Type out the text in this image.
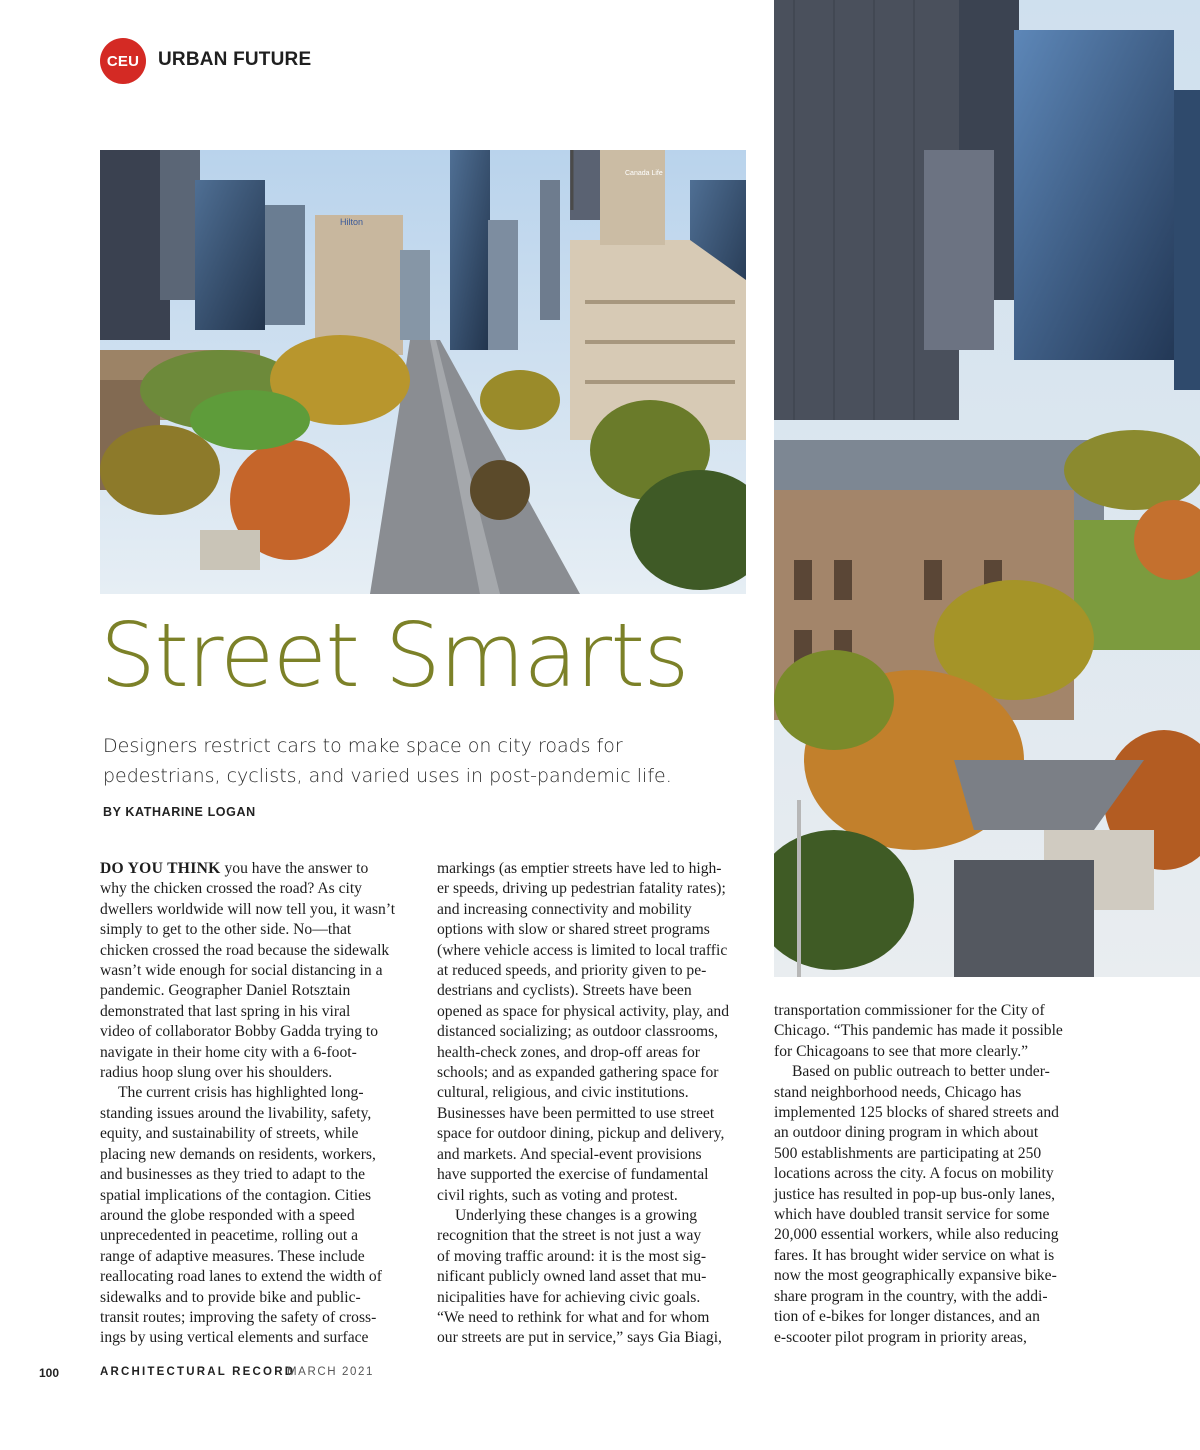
CEU URBAN FUTURE
Hilton
Canada Life
Street Smarts
Designers restrict cars to make space on city roads for pedestrians, cyclists, and varied uses in post-pandemic life.
BY KATHARINE LOGAN
DO YOU THINK you have the answer to
why the chicken crossed the road? As city
dwellers worldwide will now tell you, it wasn’t
simply to get to the other side. No—that
chicken crossed the road because the sidewalk
wasn’t wide enough for social distancing in a
pandemic. Geographer Daniel Rotsztain
demonstrated that last spring in his viral
video of collaborator Bobby Gadda trying to
navigate in their home city with a 6-foot-
radius hoop slung over his shoulders.
The current crisis has highlighted long-
standing issues around the livability, safety,
equity, and sustainability of streets, while
placing new demands on residents, workers,
and businesses as they tried to adapt to the
spatial implications of the contagion. Cities
around the globe responded with a speed
unprecedented in peacetime, rolling out a
range of adaptive measures. These include
reallocating road lanes to extend the width of
sidewalks and to provide bike and public-
transit routes; improving the safety of cross-
ings by using vertical elements and surface
markings (as emptier streets have led to high-
er speeds, driving up pedestrian fatality rates);
and increasing connectivity and mobility
options with slow or shared street programs
(where vehicle access is limited to local traffic
at reduced speeds, and priority given to pe-
destrians and cyclists). Streets have been
opened as space for physical activity, play, and
distanced socializing; as outdoor classrooms,
health-check zones, and drop-off areas for
schools; and as expanded gathering space for
cultural, religious, and civic institutions.
Businesses have been permitted to use street
space for outdoor dining, pickup and delivery,
and markets. And special-event provisions
have supported the exercise of fundamental
civil rights, such as voting and protest.
Underlying these changes is a growing
recognition that the street is not just a way
of moving traffic around: it is the most sig-
nificant publicly owned land asset that mu-
nicipalities have for achieving civic goals.
“We need to rethink for what and for whom
our streets are put in service,” says Gia Biagi,
transportation commissioner for the City of
Chicago. “This pandemic has made it possible
for Chicagoans to see that more clearly.”
Based on public outreach to better under-
stand neighborhood needs, Chicago has
implemented 125 blocks of shared streets and
an outdoor dining program in which about
500 establishments are participating at 250
locations across the city. A focus on mobility
justice has resulted in pop-up bus-only lanes,
which have doubled transit service for some
20,000 essential workers, while also reducing
fares. It has brought wider service on what is
now the most geographically expansive bike-
share program in the country, with the addi-
tion of e-bikes for longer distances, and an
e-scooter pilot program in priority areas,
100	ARCHITECTURAL RECORD
MARCH 2021
